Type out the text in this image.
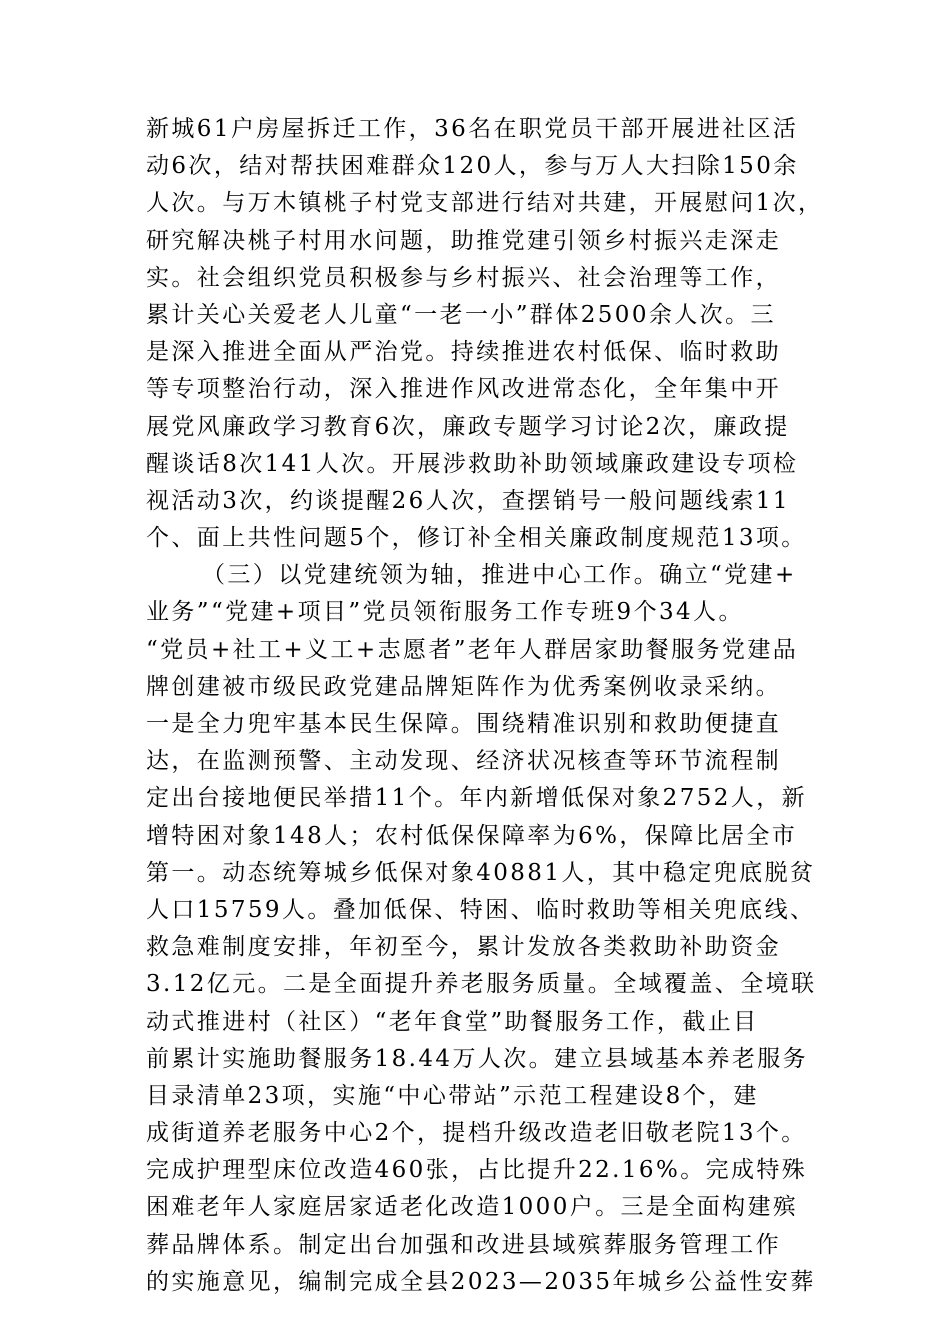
新城61户房屋拆迁工作，36名在职党员干部开展进社区活
动6次，结对帮扶困难群众120人，参与万人大扫除150余
人次。与万木镇桃子村党支部进行结对共建，开展慰问1次，
研究解决桃子村用水问题，助推党建引领乡村振兴走深走
实。社会组织党员积极参与乡村振兴、社会治理等工作，
累计关心关爱老人儿童“一老一小”群体2500余人次。三
是深入推进全面从严治党。持续推进农村低保、临时救助
等专项整治行动，深入推进作风改进常态化，全年集中开
展党风廉政学习教育6次，廉政专题学习讨论2次，廉政提
醒谈话8次141人次。开展涉救助补助领域廉政建设专项检
视活动3次，约谈提醒26人次，查摆销号一般问题线索11
个、面上共性问题5个，修订补全相关廉政制度规范13项。
（三）以党建统领为轴，推进中心工作。确立“党建+
业务”“党建+项目”党员领衔服务工作专班9个34人。
“党员+社工+义工+志愿者”老年人群居家助餐服务党建品
牌创建被市级民政党建品牌矩阵作为优秀案例收录采纳。
一是全力兜牢基本民生保障。围绕精准识别和救助便捷直
达，在监测预警、主动发现、经济状况核查等环节流程制
定出台接地便民举措11个。年内新增低保对象2752人，新
增特困对象148人；农村低保保障率为6%，保障比居全市
第一。动态统筹城乡低保对象40881人，其中稳定兜底脱贫
人口15759人。叠加低保、特困、临时救助等相关兜底线、
救急难制度安排，年初至今，累计发放各类救助补助资金
3.12亿元。二是全面提升养老服务质量。全域覆盖、全境联
动式推进村（社区）“老年食堂”助餐服务工作，截止目
前累计实施助餐服务18.44万人次。建立县域基本养老服务
目录清单23项，实施“中心带站”示范工程建设8个，建
成街道养老服务中心2个，提档升级改造老旧敬老院13个。
完成护理型床位改造460张，占比提升22.16%。完成特殊
困难老年人家庭居家适老化改造1000户。三是全面构建殡
葬品牌体系。制定出台加强和改进县域殡葬服务管理工作
的实施意见，编制完成全县2023—2035年城乡公益性安葬
